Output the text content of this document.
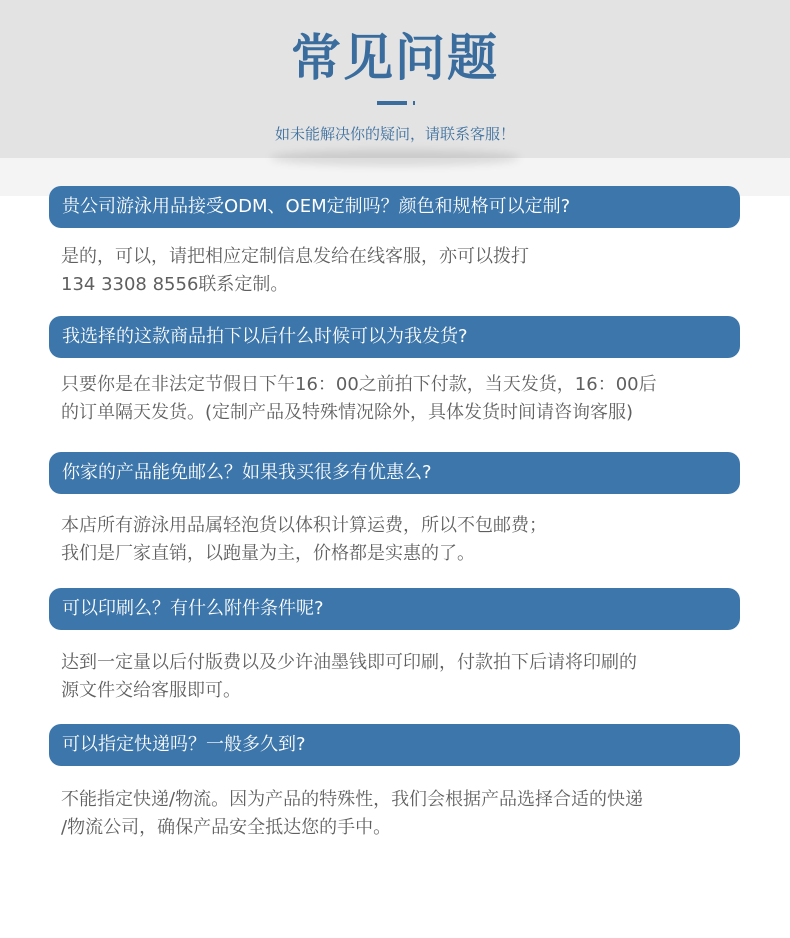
常见问题
如未能解决你的疑问，请联系客服！
贵公司游泳用品接受ODM、OEM定制吗？颜色和规格可以定制?
是的，可以，请把相应定制信息发给在线客服，亦可以拨打
134 3308 8556联系定制。
我选择的这款商品拍下以后什么时候可以为我发货?
只要你是在非法定节假日下午16：00之前拍下付款，当天发货，16：00后
的订单隔天发货。(定制产品及特殊情况除外，具体发货时间请咨询客服)
你家的产品能免邮么？如果我买很多有优惠么?
本店所有游泳用品属轻泡货以体积计算运费，所以不包邮费；
我们是厂家直销，以跑量为主，价格都是实惠的了。
可以印刷么？有什么附件条件呢?
达到一定量以后付版费以及少许油墨钱即可印刷，付款拍下后请将印刷的
源文件交给客服即可。
可以指定快递吗？一般多久到?
不能指定快递/物流。因为产品的特殊性，我们会根据产品选择合适的快递
/物流公司，确保产品安全抵达您的手中。
